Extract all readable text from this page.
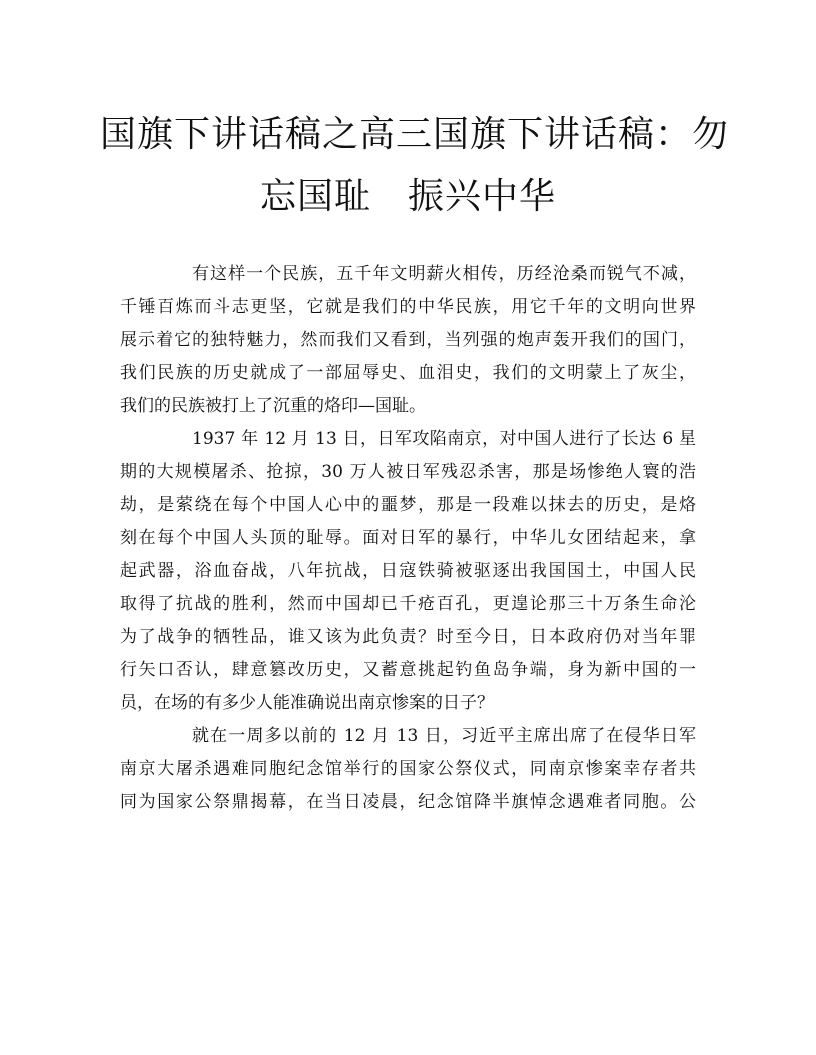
国旗下讲话稿之高三国旗下讲话稿：勿
忘国耻　振兴中华
有这样一个民族，五千年文明薪火相传，历经沧桑而锐气不减，
千锤百炼而斗志更坚，它就是我们的中华民族，用它千年的文明向世界
展示着它的独特魅力，然而我们又看到，当列强的炮声轰开我们的国门，
我们民族的历史就成了一部屈辱史、血泪史，我们的文明蒙上了灰尘，
我们的民族被打上了沉重的烙印—国耻。
1937 年 12 月 13 日，日军攻陷南京，对中国人进行了长达 6 星
期的大规模屠杀、抢掠，30 万人被日军残忍杀害，那是场惨绝人寰的浩
劫，是萦绕在每个中国人心中的噩梦，那是一段难以抹去的历史，是烙
刻在每个中国人头顶的耻辱。面对日军的暴行，中华儿女团结起来，拿
起武器，浴血奋战，八年抗战，日寇铁骑被驱逐出我国国土，中国人民
取得了抗战的胜利，然而中国却已千疮百孔，更遑论那三十万条生命沦
为了战争的牺牲品，谁又该为此负责？时至今日，日本政府仍对当年罪
行矢口否认，肆意篡改历史，又蓄意挑起钓鱼岛争端，身为新中国的一
员，在场的有多少人能准确说出南京惨案的日子？
就在一周多以前的 12 月 13 日，习近平主席出席了在侵华日军
南京大屠杀遇难同胞纪念馆举行的国家公祭仪式，同南京惨案幸存者共
同为国家公祭鼎揭幕，在当日凌晨，纪念馆降半旗悼念遇难者同胞。公
